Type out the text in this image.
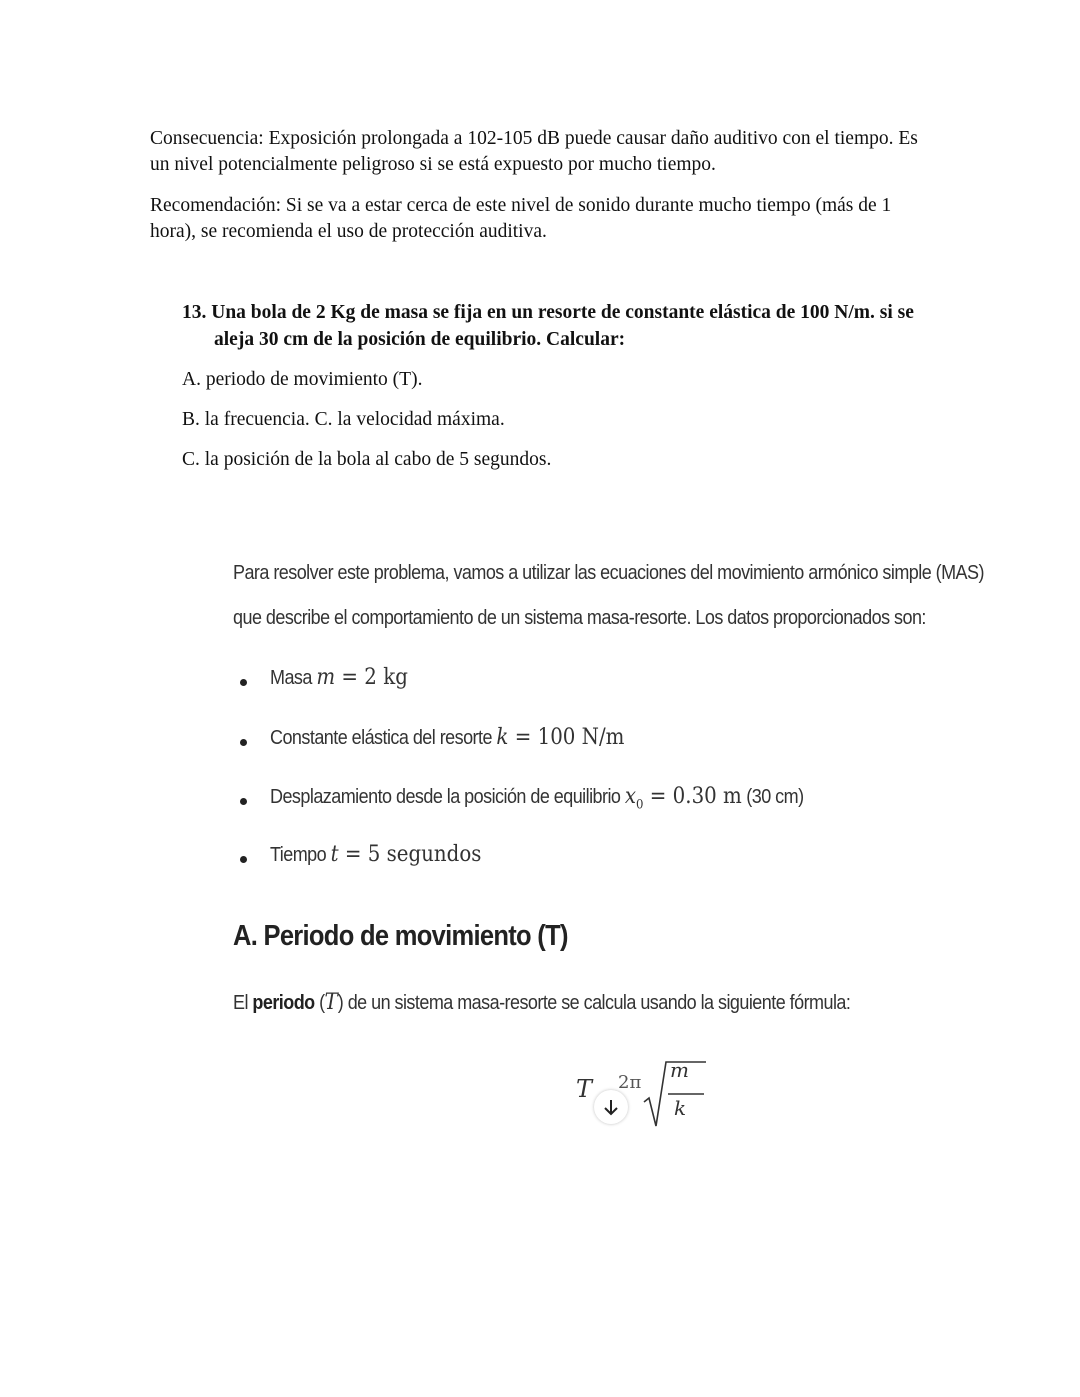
Consecuencia: Exposición prolongada a 102-105 dB puede causar daño auditivo con el tiempo. Es un nivel potencialmente peligroso si se está expuesto por mucho tiempo.

Recomendación: Si se va a estar cerca de este nivel de sonido durante mucho tiempo (más de 1 hora), se recomienda el uso de protección auditiva.

13. Una bola de 2 Kg de masa se fija en un resorte de constante elástica de 100 N/m. si se aleja 30 cm de la posición de equilibrio. Calcular:

A. periodo de movimiento (T).

B. la frecuencia. C. la velocidad máxima.

C. la posición de la bola al cabo de 5 segundos.

Para resolver este problema, vamos a utilizar las ecuaciones del movimiento armónico simple (MAS)

que describe el comportamiento de un sistema masa-resorte. Los datos proporcionados son:

Masa m = 2 kg

Constante elástica del resorte k = 100 N/m

Desplazamiento desde la posición de equilibrio $x_0 = 0.30$ m (30 cm)

Tiempo t = 5 segundos

A. Periodo de movimiento (T)

El periodo (T) de un sistema masa-resorte se calcula usando la siguiente fórmula:

T 2π
m
k
